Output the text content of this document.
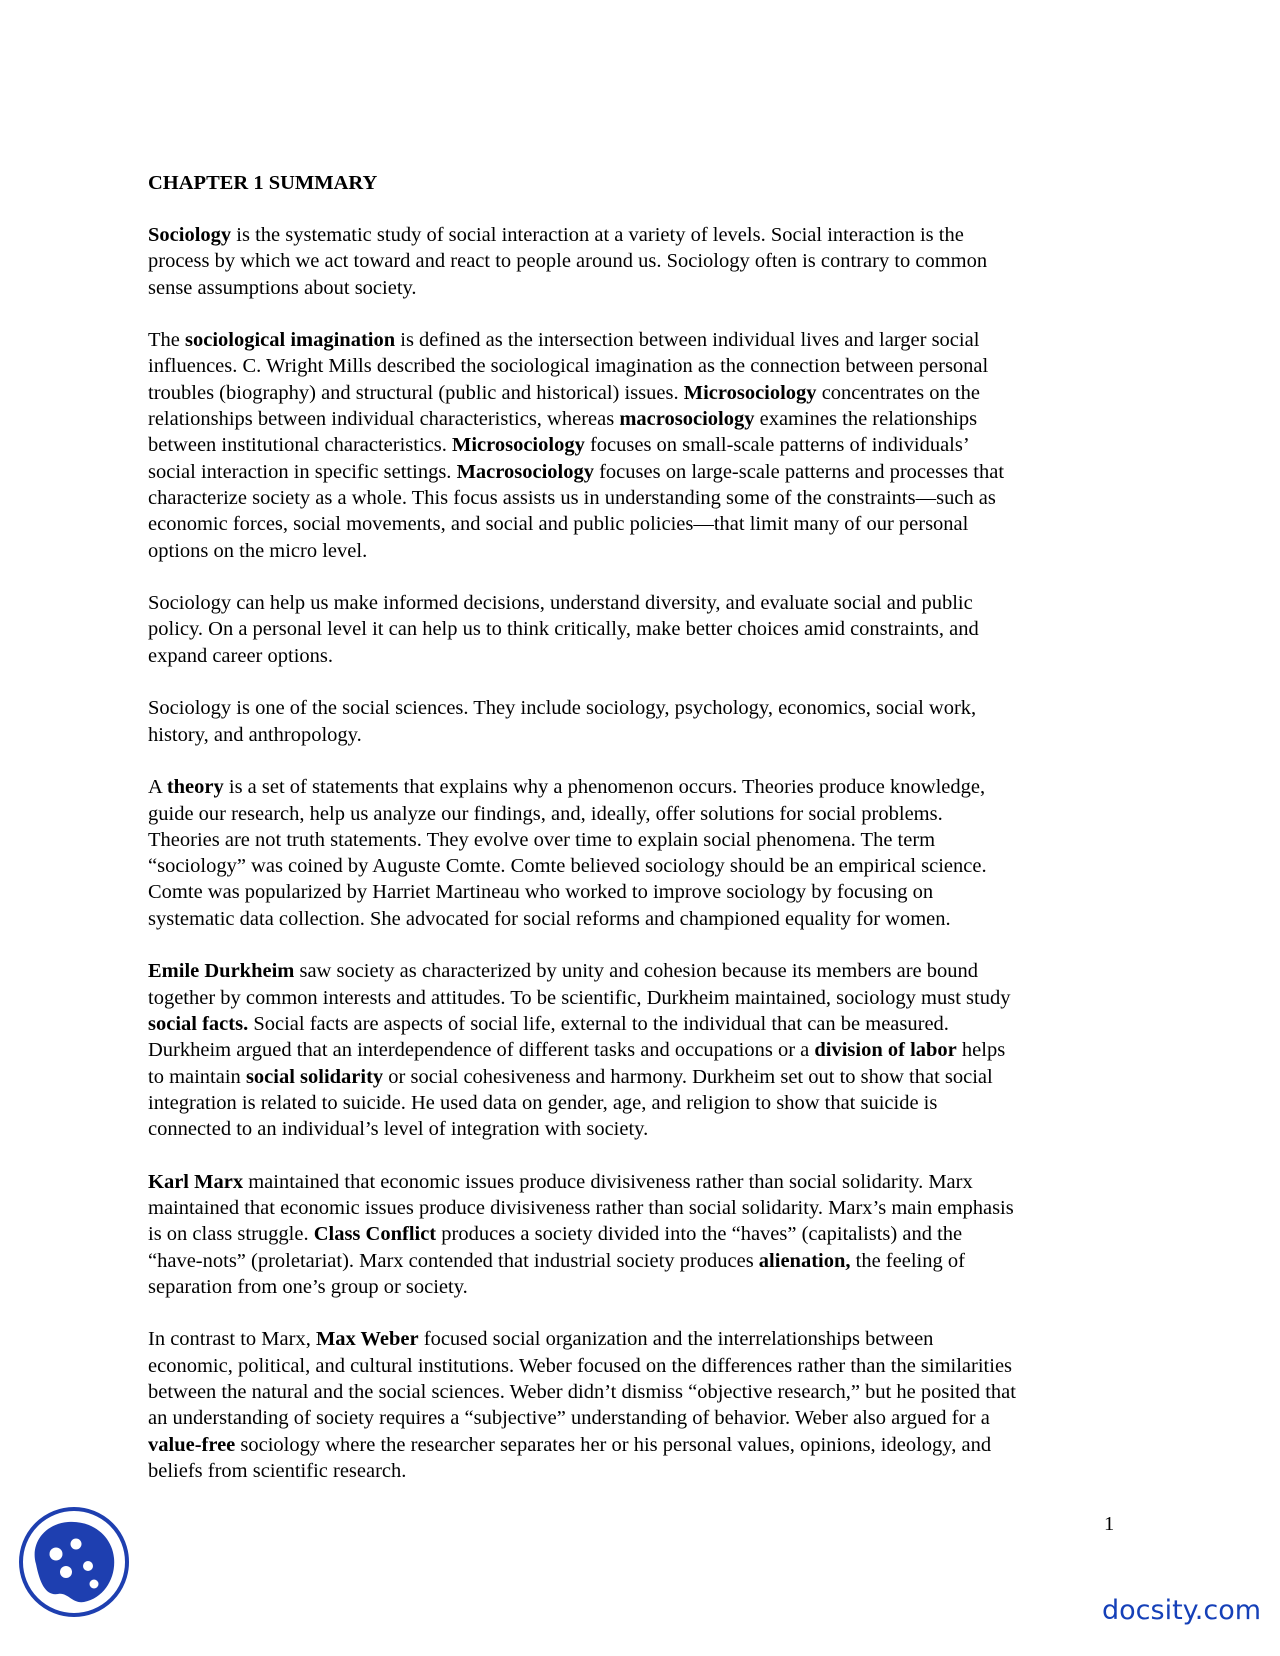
CHAPTER 1 SUMMARY
Sociology is the systematic study of social interaction at a variety of levels. Social interaction is the
process by which we act toward and react to people around us. Sociology often is contrary to common
sense assumptions about society.
The sociological imagination is defined as the intersection between individual lives and larger social
influences. C. Wright Mills described the sociological imagination as the connection between personal
troubles (biography) and structural (public and historical) issues. Microsociology concentrates on the
relationships between individual characteristics, whereas macrosociology examines the relationships
between institutional characteristics. Microsociology focuses on small-scale patterns of individuals’
social interaction in specific settings. Macrosociology focuses on large-scale patterns and processes that
characterize society as a whole. This focus assists us in understanding some of the constraints—such as
economic forces, social movements, and social and public policies—that limit many of our personal
options on the micro level.
Sociology can help us make informed decisions, understand diversity, and evaluate social and public
policy. On a personal level it can help us to think critically, make better choices amid constraints, and
expand career options.
Sociology is one of the social sciences. They include sociology, psychology, economics, social work,
history, and anthropology.
A theory is a set of statements that explains why a phenomenon occurs. Theories produce knowledge,
guide our research, help us analyze our findings, and, ideally, offer solutions for social problems.
Theories are not truth statements. They evolve over time to explain social phenomena. The term
“sociology” was coined by Auguste Comte. Comte believed sociology should be an empirical science.
Comte was popularized by Harriet Martineau who worked to improve sociology by focusing on
systematic data collection. She advocated for social reforms and championed equality for women.
Emile Durkheim saw society as characterized by unity and cohesion because its members are bound
together by common interests and attitudes. To be scientific, Durkheim maintained, sociology must study
social facts. Social facts are aspects of social life, external to the individual that can be measured.
Durkheim argued that an interdependence of different tasks and occupations or a division of labor helps
to maintain social solidarity or social cohesiveness and harmony. Durkheim set out to show that social
integration is related to suicide. He used data on gender, age, and religion to show that suicide is
connected to an individual’s level of integration with society.
Karl Marx maintained that economic issues produce divisiveness rather than social solidarity. Marx
maintained that economic issues produce divisiveness rather than social solidarity. Marx’s main emphasis
is on class struggle. Class Conflict produces a society divided into the “haves” (capitalists) and the
“have-nots” (proletariat). Marx contended that industrial society produces alienation, the feeling of
separation from one’s group or society.
In contrast to Marx, Max Weber focused social organization and the interrelationships between
economic, political, and cultural institutions. Weber focused on the differences rather than the similarities
between the natural and the social sciences. Weber didn’t dismiss “objective research,” but he posited that
an understanding of society requires a “subjective” understanding of behavior. Weber also argued for a
value-free sociology where the researcher separates her or his personal values, opinions, ideology, and
beliefs from scientific research.
1
docsity.com
